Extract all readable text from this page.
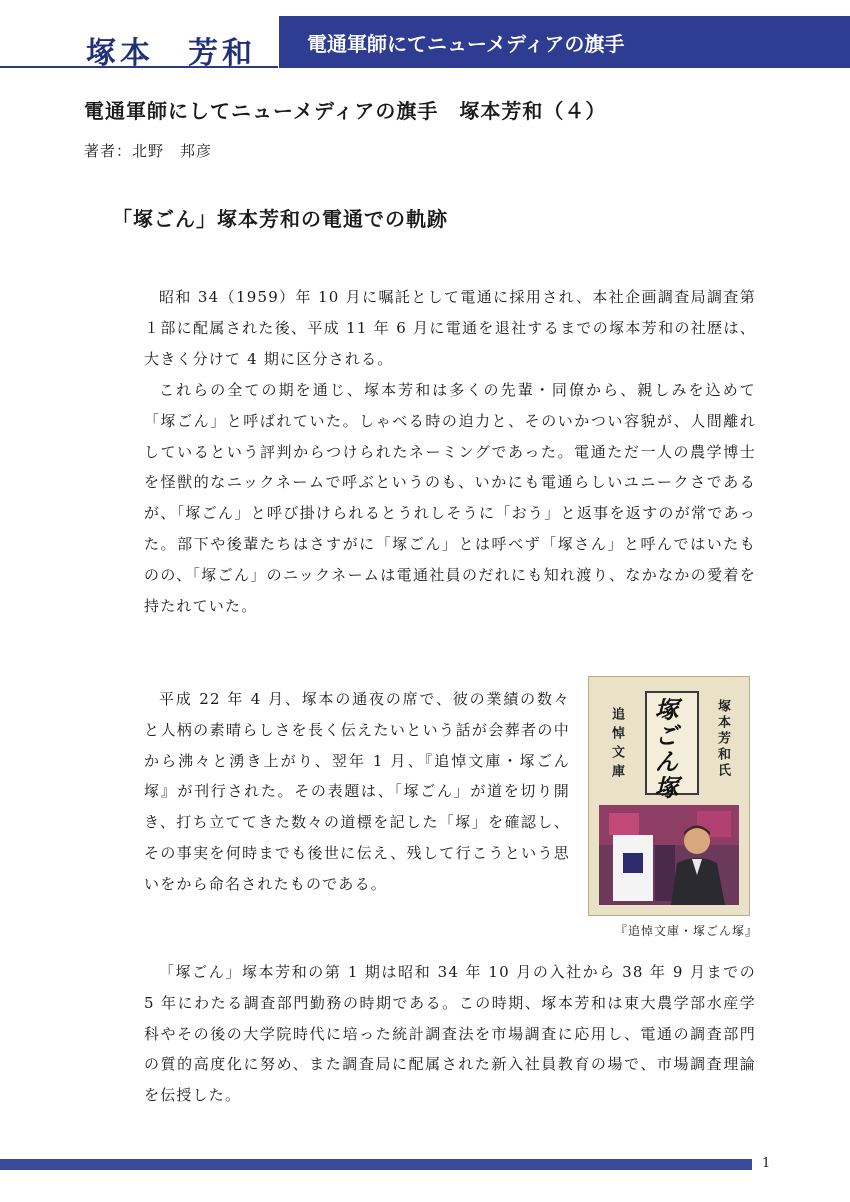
塚本　芳和	電通軍師にてニューメディアの旗手
電通軍師にしてニューメディアの旗手　塚本芳和（４）
著者：北野　邦彦
「塚ごん」塚本芳和の電通での軌跡

昭和 34（1959）年 10 月に嘱託として電通に採用され、本社企画調査局調査第１部に配属された後、平成 11 年 6 月に電通を退社するまでの塚本芳和の社歴は、大きく分けて 4 期に区分される。

これらの全ての期を通じ、塚本芳和は多くの先輩・同僚から、親しみを込めて「塚ごん」と呼ばれていた。しゃべる時の迫力と、そのいかつい容貌が、人間離れしているという評判からつけられたネーミングであった。電通ただ一人の農学博士を怪獣的なニックネームで呼ぶというのも、いかにも電通らしいユニークさであるが、「塚ごん」と呼び掛けられるとうれしそうに「おう」と返事を返すのが常であった。部下や後輩たちはさすがに「塚ごん」とは呼べず「塚さん」と呼んではいたものの、「塚ごん」のニックネームは電通社員のだれにも知れ渡り、なかなかの愛着を持たれていた。

平成 22 年 4 月、塚本の通夜の席で、彼の業績の数々と人柄の素晴らしさを長く伝えたいという話が会葬者の中から沸々と湧き上がり、翌年 1 月、『追悼文庫・塚ごん塚』が刊行された。その表題は、「塚ごん」が道を切り開き、打ち立ててきた数々の道標を記した「塚」を確認し、その事実を何時までも後世に伝え、残して行こうという思いをから命名されたものである。

追悼文庫 塚ごん塚	塚本芳和氏
『追悼文庫・塚ごん塚』

「塚ごん」塚本芳和の第 1 期は昭和 34 年 10 月の入社から 38 年 9 月までの 5 年にわたる調査部門勤務の時期である。この時期、塚本芳和は東大農学部水産学科やその後の大学院時代に培った統計調査法を市場調査に応用し、電通の調査部門の質的高度化に努め、また調査局に配属された新入社員教育の場で、市場調査理論を伝授した。

1
